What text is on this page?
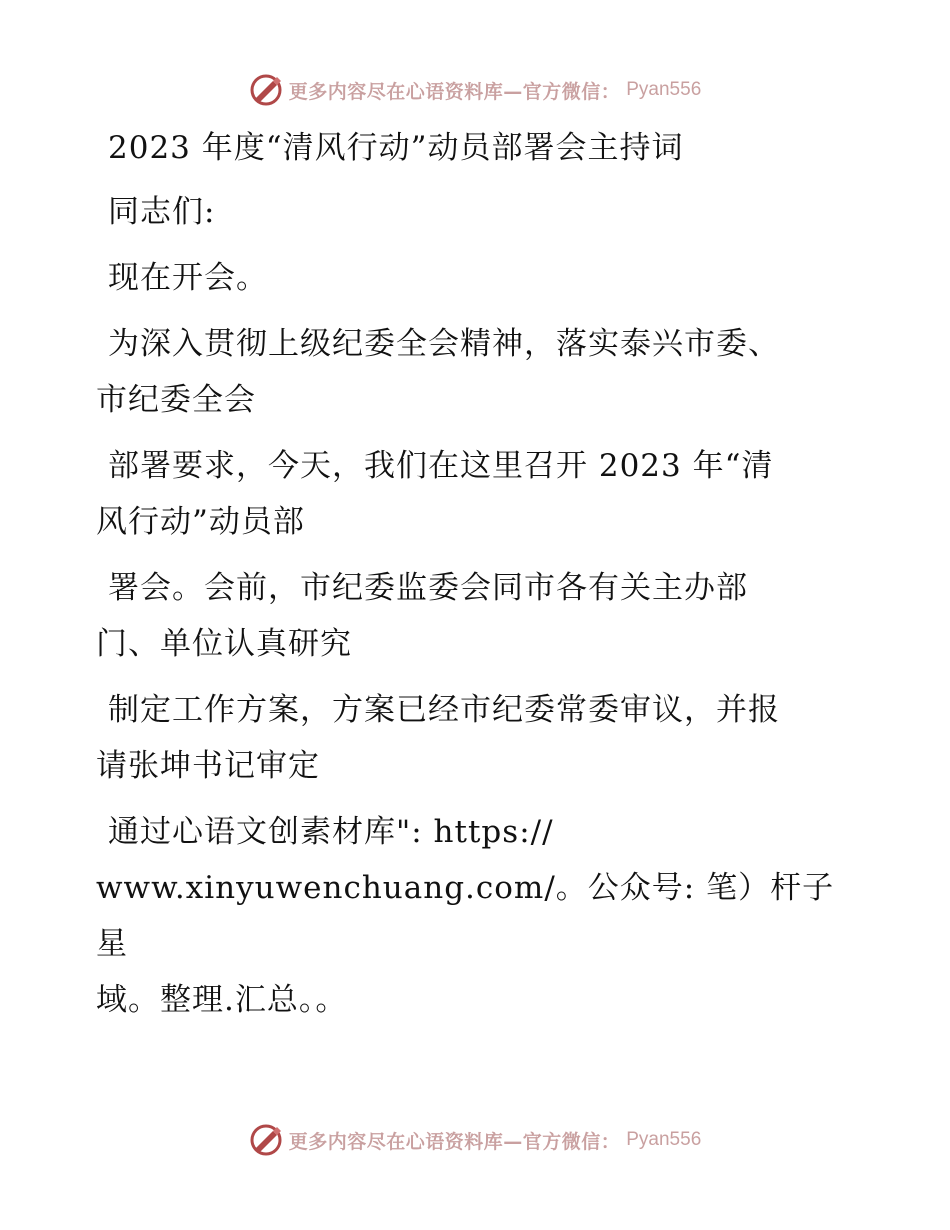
更多内容尽在心语资料库—官方微信： Pyan556
2023 年度“清风行动”动员部署会主持词
同志们:
现在开会。
为深入贯彻上级纪委全会精神，落实泰兴市委、
市纪委全会
部署要求，今天，我们在这里召开 2023 年“清
风行动”动员部
署会。会前，市纪委监委会同市各有关主办部
门、单位认真研究
制定工作方案，方案已经市纪委常委审议，并报
请张坤书记审定
通过心语文创素材库": https://
www.xinyuwenchuang.com/。公众号: 笔）杆子星
域。整理.汇总。。
更多内容尽在心语资料库—官方微信： Pyan556
